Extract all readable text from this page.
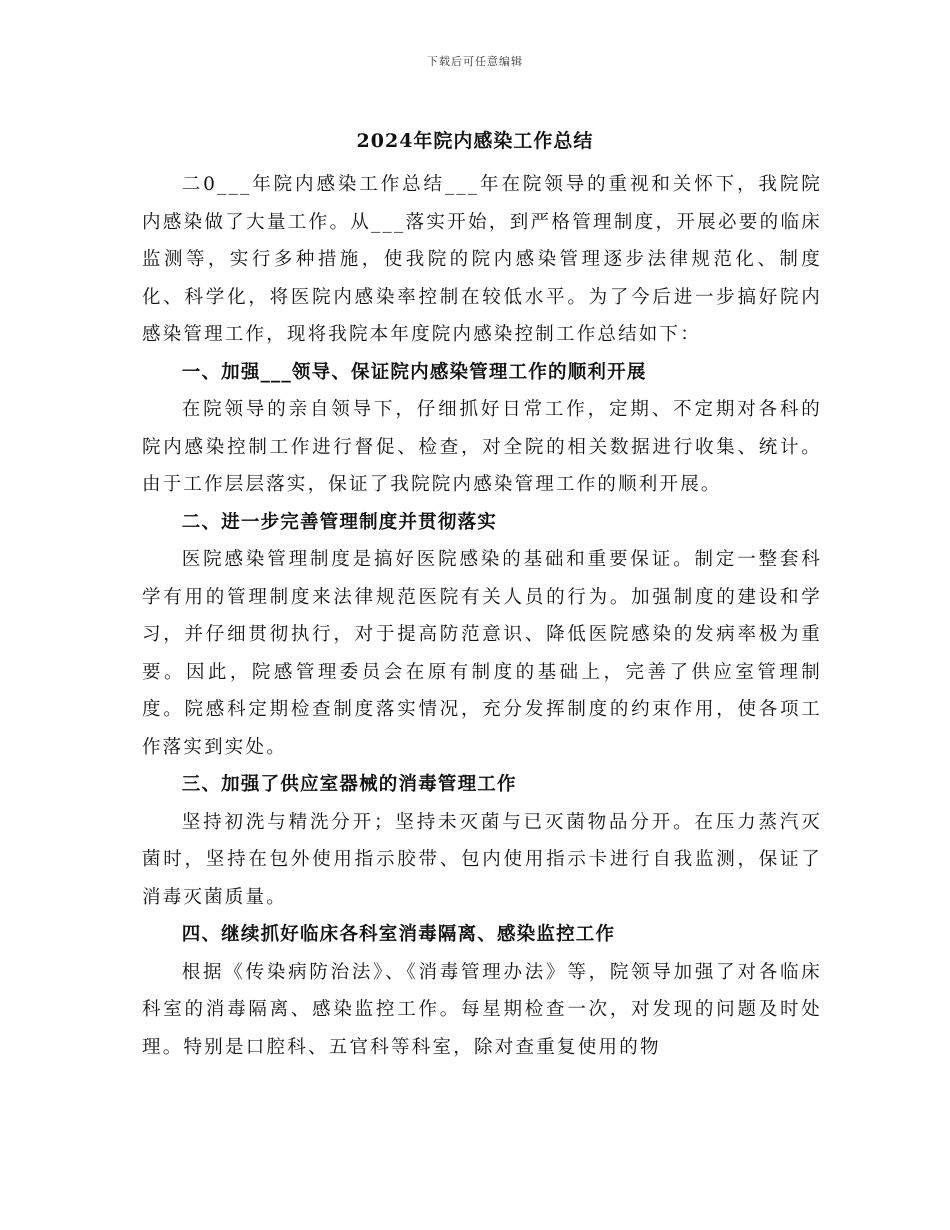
下载后可任意编辑
2024年院内感染工作总结

二0___年院内感染工作总结___年在院领导的重视和关怀下，我院院内感染做了大量工作。从___落实开始，到严格管理制度，开展必要的临床监测等，实行多种措施，使我院的院内感染管理逐步法律规范化、制度化、科学化，将医院内感染率控制在较低水平。为了今后进一步搞好院内感染管理工作，现将我院本年度院内感染控制工作总结如下：

一、加强___领导、保证院内感染管理工作的顺利开展

在院领导的亲自领导下，仔细抓好日常工作，定期、不定期对各科的院内感染控制工作进行督促、检查，对全院的相关数据进行收集、统计。由于工作层层落实，保证了我院院内感染管理工作的顺利开展。

二、进一步完善管理制度并贯彻落实

医院感染管理制度是搞好医院感染的基础和重要保证。制定一整套科学有用的管理制度来法律规范医院有关人员的行为。加强制度的建设和学习，并仔细贯彻执行，对于提高防范意识、降低医院感染的发病率极为重要。因此，院感管理委员会在原有制度的基础上，完善了供应室管理制度。院感科定期检查制度落实情况，充分发挥制度的约束作用，使各项工作落实到实处。

三、加强了供应室器械的消毒管理工作

坚持初洗与精洗分开；坚持未灭菌与已灭菌物品分开。在压力蒸汽灭菌时，坚持在包外使用指示胶带、包内使用指示卡进行自我监测，保证了消毒灭菌质量。

四、继续抓好临床各科室消毒隔离、感染监控工作

根据《传染病防治法》、《消毒管理办法》等，院领导加强了对各临床科室的消毒隔离、感染监控工作。每星期检查一次，对发现的问题及时处理。特别是口腔科、五官科等科室，除对查重复使用的物
